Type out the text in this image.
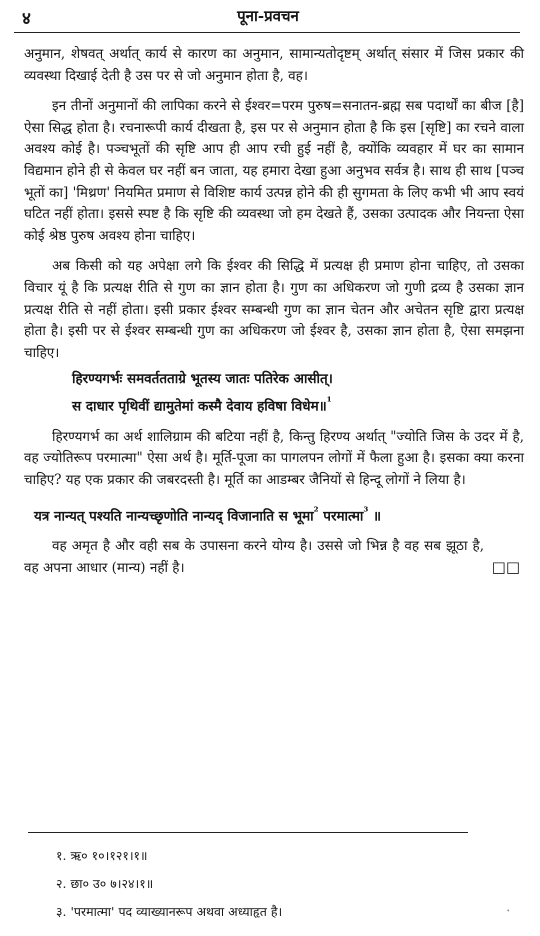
४	पूना-प्रवचन

अनुमान, शेषवत् अर्थात् कार्य से कारण का अनुमान, सामान्यतोदृष्टम् अर्थात् संसार में जिस प्रकार की व्यवस्था दिखाई देती है उस पर से जो अनुमान होता है, वह।

इन तीनों अनुमानों की लापिका करने से ईश्वर=परम पुरुष=सनातन-ब्रह्म सब पदार्थों का बीज [है] ऐसा सिद्ध होता है। रचनारूपी कार्य दीखता है, इस पर से अनुमान होता है कि इस [सृष्टि] का रचने वाला अवश्य कोई है। पञ्चभूतों की सृष्टि आप ही आप रची हुई नहीं है, क्योंकि व्यवहार में घर का सामान विद्यमान होने ही से केवल घर नहीं बन जाता, यह हमारा देखा हुआ अनुभव सर्वत्र है। साथ ही साथ [पञ्च भूतों का] 'मिथ्रण' नियमित प्रमाण से विशिष्ट कार्य उत्पन्न होने की ही सुगमता के लिए कभी भी आप स्वयं घटित नहीं होता। इससे स्पष्ट है कि सृष्टि की व्यवस्था जो हम देखते हैं, उसका उत्पादक और नियन्ता ऐसा कोई श्रेष्ठ पुरुष अवश्य होना चाहिए।

अब किसी को यह अपेक्षा लगे कि ईश्वर की सिद्धि में प्रत्यक्ष ही प्रमाण होना चाहिए, तो उसका विचार यूं है कि प्रत्यक्ष रीति से गुण का ज्ञान होता है। गुण का अधिकरण जो गुणी द्रव्य है उसका ज्ञान प्रत्यक्ष रीति से नहीं होता। इसी प्रकार ईश्वर सम्बन्धी गुण का ज्ञान चेतन और अचेतन सृष्टि द्वारा प्रत्यक्ष होता है। इसी पर से ईश्वर सम्बन्धी गुण का अधिकरण जो ईश्वर है, उसका ज्ञान होता है, ऐसा समझना चाहिए।

हिरण्यगर्भः समवर्ततताग्रे भूतस्य जातः पतिरेक आसीत्।
स दाधार पृथिवीं द्यामुतेमां कस्मै देवाय हविषा विधेम॥$^{^1}$

हिरण्यगर्भ का अर्थ शालिग्राम की बटिया नहीं है, किन्तु हिरण्य अर्थात् "ज्योति जिस के उदर में है, वह ज्योतिरूप परमात्मा" ऐसा अर्थ है। मूर्ति-पूजा का पागलपन लोगों में फैला हुआ है। इसका क्या करना चाहिए? यह एक प्रकार की जबरदस्ती है। मूर्ति का आडम्बर जैनियों से हिन्दू लोगों ने लिया है।

यत्र नान्यत् पश्यति नान्यच्छृणोति नान्यद् विजानाति स भूमा$^{^2}$ परमात्मा$^{^3}$ ॥

वह अमृत है और वही सब के उपासना करने योग्य है। उससे जो भिन्न है वह सब झूठा है, वह अपना आधार (मान्य) नहीं है।	□□

१. ऋ० १०।१२१।१॥

२. छा० उ० ७।२४।१॥

३. 'परमात्मा' पद व्याख्यानरूप अथवा अध्याहृत है।	•
